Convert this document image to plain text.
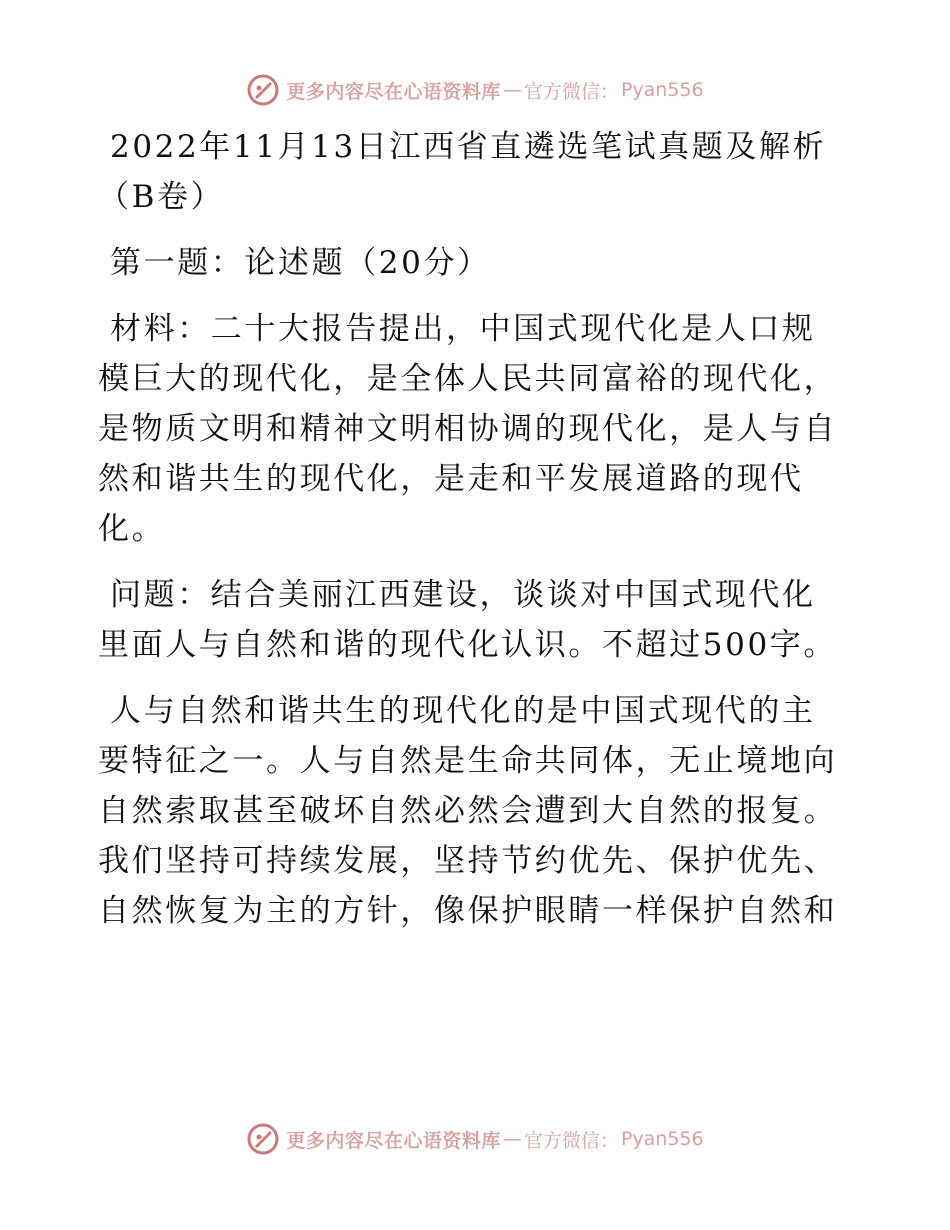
更多内容尽在心语资料库 — 官方微信： Pyan556
2022年11月13日江西省直遴选笔试真题及解析
（B卷）
第一题：论述题（20分）
材料：二十大报告提出，中国式现代化是人口规
模巨大的现代化，是全体人民共同富裕的现代化，
是物质文明和精神文明相协调的现代化，是人与自
然和谐共生的现代化，是走和平发展道路的现代
化。
问题：结合美丽江西建设，谈谈对中国式现代化
里面人与自然和谐的现代化认识。不超过500字。
人与自然和谐共生的现代化的是中国式现代的主
要特征之一。人与自然是生命共同体，无止境地向
自然索取甚至破坏自然必然会遭到大自然的报复。
我们坚持可持续发展，坚持节约优先、保护优先、
自然恢复为主的方针，像保护眼睛一样保护自然和
更多内容尽在心语资料库 — 官方微信： Pyan556
